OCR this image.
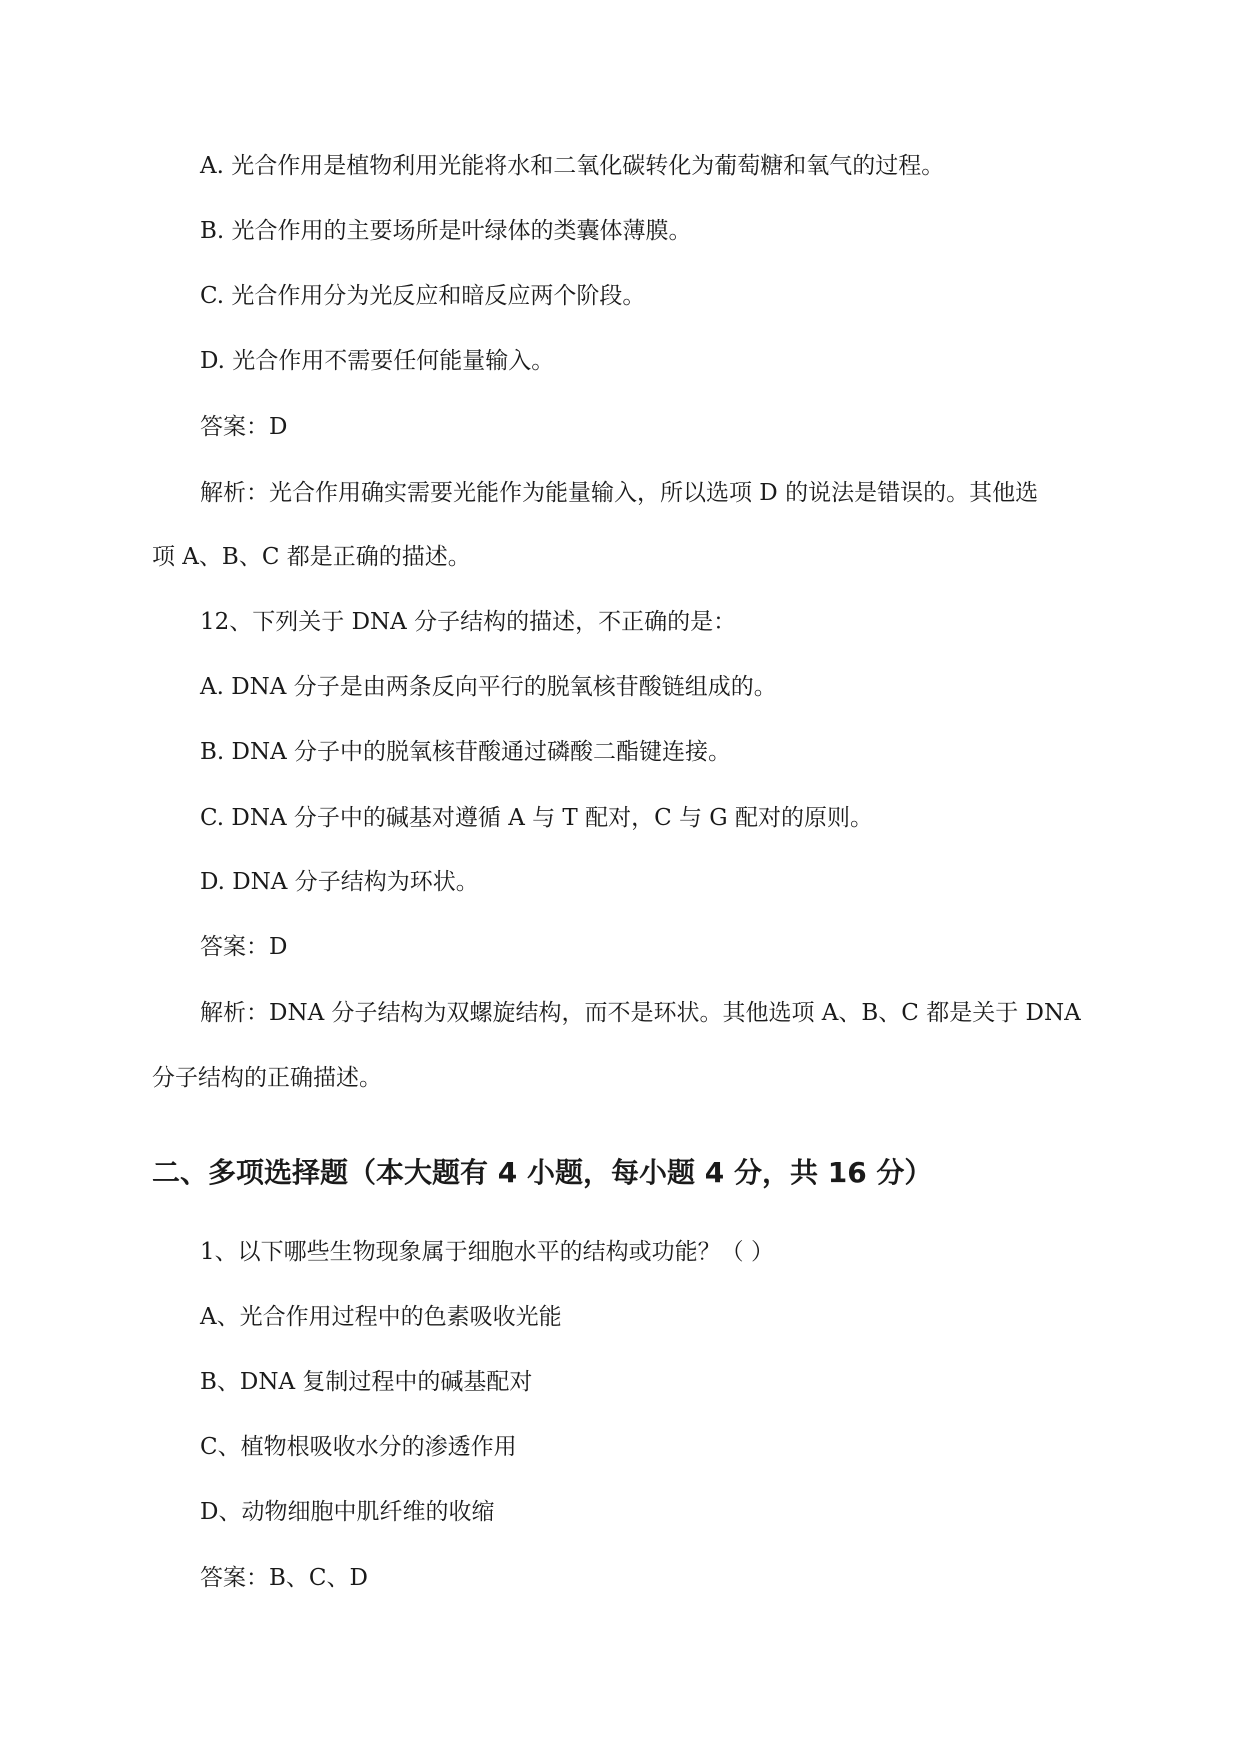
A. 光合作用是植物利用光能将水和二氧化碳转化为葡萄糖和氧气的过程。
B. 光合作用的主要场所是叶绿体的类囊体薄膜。
C. 光合作用分为光反应和暗反应两个阶段。
D. 光合作用不需要任何能量输入。
答案：D
解析：光合作用确实需要光能作为能量输入，所以选项 D 的说法是错误的。其他选
项 A、B、C 都是正确的描述。
12、下列关于 DNA 分子结构的描述，不正确的是：
A. DNA 分子是由两条反向平行的脱氧核苷酸链组成的。
B. DNA 分子中的脱氧核苷酸通过磷酸二酯键连接。
C. DNA 分子中的碱基对遵循 A 与 T 配对，C 与 G 配对的原则。
D. DNA 分子结构为环状。
答案：D
解析：DNA 分子结构为双螺旋结构，而不是环状。其他选项 A、B、C 都是关于 DNA
分子结构的正确描述。
二、多项选择题（本大题有 4 小题，每小题 4 分，共 16 分）
1、以下哪些生物现象属于细胞水平的结构或功能？（ ）
A、光合作用过程中的色素吸收光能
B、DNA 复制过程中的碱基配对
C、植物根吸收水分的渗透作用
D、动物细胞中肌纤维的收缩
答案：B、C、D
